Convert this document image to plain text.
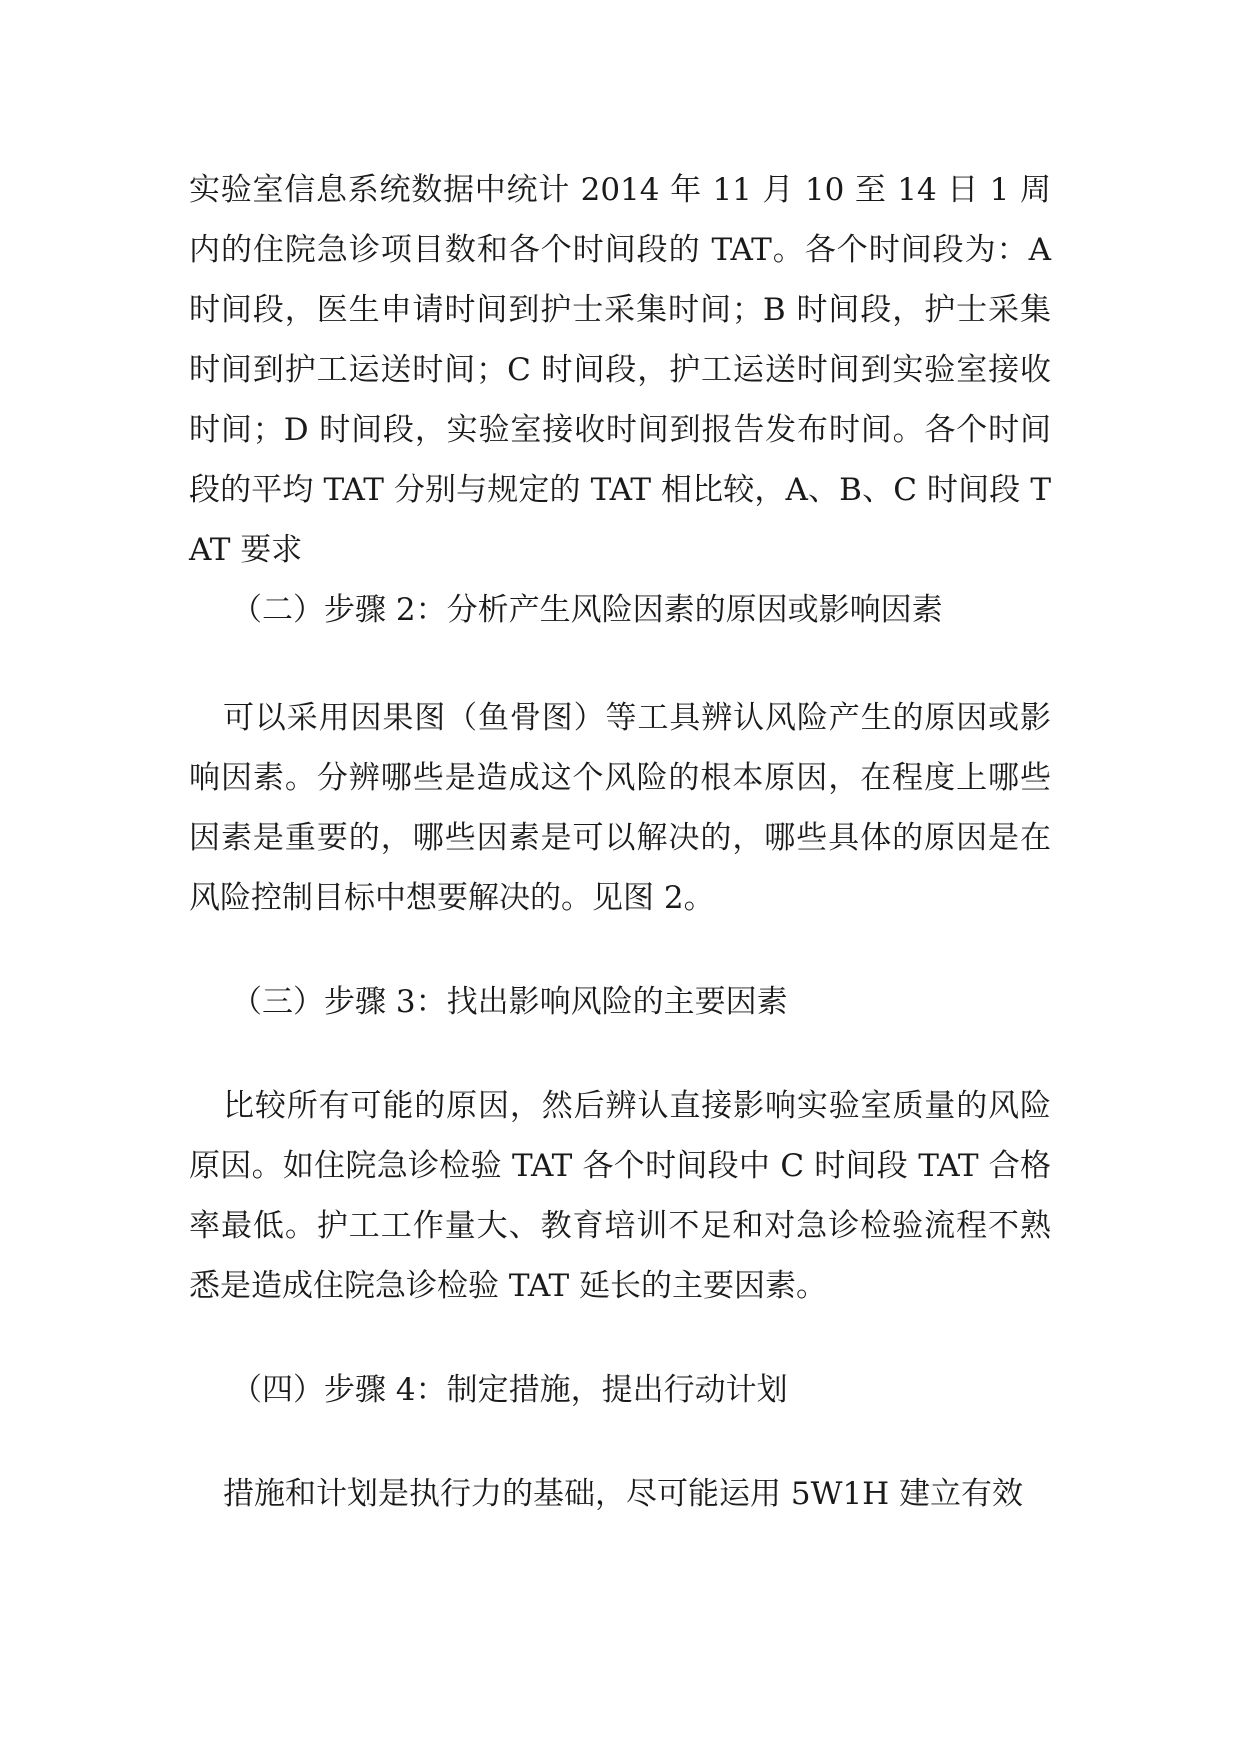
实验室信息系统数据中统计 2014 年 11 月 10 至 14 日 1 周内的住院急诊项目数和各个时间段的 TAT。各个时间段为：A 时间段，医生申请时间到护士采集时间；B 时间段，护士采集时间到护工运送时间；C 时间段，护工运送时间到实验室接收时间；D 时间段，实验室接收时间到报告发布时间。各个时间段的平均 TAT 分别与规定的 TAT 相比较，A、B、C 时间段 TAT 要求

（二）步骤 2：分析产生风险因素的原因或影响因素

可以采用因果图（鱼骨图）等工具辨认风险产生的原因或影响因素。分辨哪些是造成这个风险的根本原因，在程度上哪些因素是重要的，哪些因素是可以解决的，哪些具体的原因是在风险控制目标中想要解决的。见图 2。

（三）步骤 3：找出影响风险的主要因素

比较所有可能的原因，然后辨认直接影响实验室质量的风险原因。如住院急诊检验 TAT 各个时间段中 C 时间段 TAT 合格率最低。护工工作量大、教育培训不足和对急诊检验流程不熟悉是造成住院急诊检验 TAT 延长的主要因素。

（四）步骤 4：制定措施，提出行动计划

措施和计划是执行力的基础，尽可能运用 5W1H 建立有效
